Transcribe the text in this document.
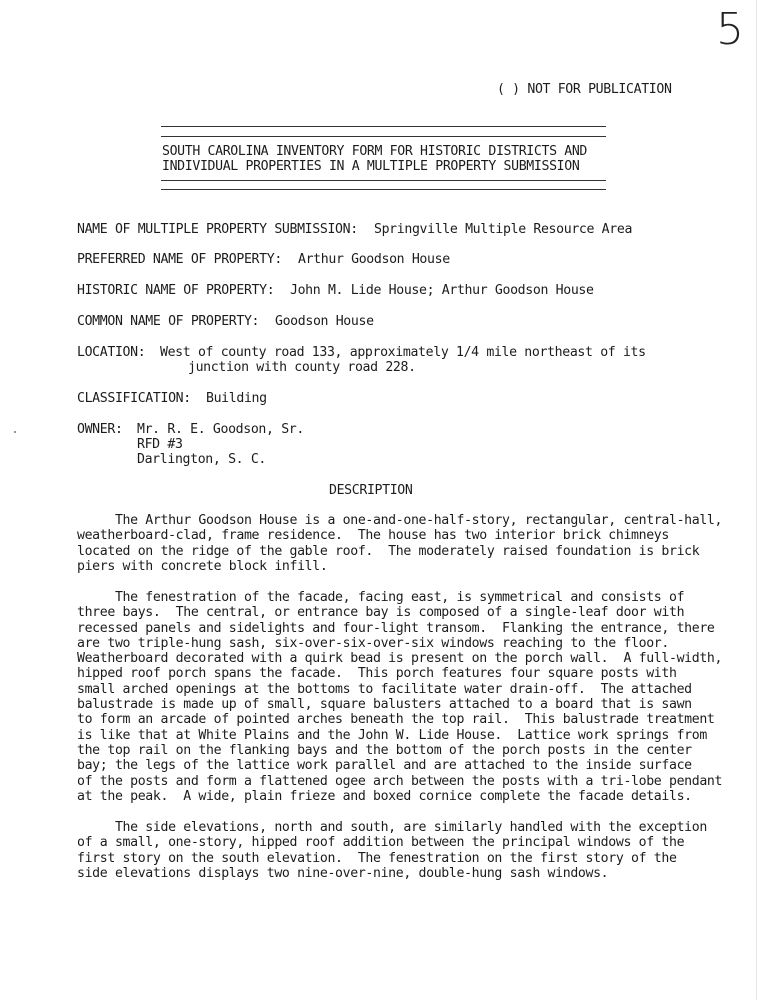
5
( ) NOT FOR PUBLICATION
SOUTH CAROLINA INVENTORY FORM FOR HISTORIC DISTRICTS AND
INDIVIDUAL PROPERTIES IN A MULTIPLE PROPERTY SUBMISSION
NAME OF MULTIPLE PROPERTY SUBMISSION: Springville Multiple Resource Area
PREFERRED NAME OF PROPERTY: Arthur Goodson House
HISTORIC NAME OF PROPERTY: John M. Lide House; Arthur Goodson House
COMMON NAME OF PROPERTY: Goodson House
LOCATION: West of county road 133, approximately 1/4 mile northeast of its
junction with county road 228.
CLASSIFICATION: Building
OWNER: Mr. R. E. Goodson, Sr.
RFD #3
Darlington, S. C.
DESCRIPTION
The Arthur Goodson House is a one-and-one-half-story, rectangular, central-hall,
weatherboard-clad, frame residence.  The house has two interior brick chimneys
located on the ridge of the gable roof.  The moderately raised foundation is brick
piers with concrete block infill.
The fenestration of the facade, facing east, is symmetrical and consists of
three bays.  The central, or entrance bay is composed of a single-leaf door with
recessed panels and sidelights and four-light transom.  Flanking the entrance, there
are two triple-hung sash, six-over-six-over-six windows reaching to the floor.
Weatherboard decorated with a quirk bead is present on the porch wall.  A full-width,
hipped roof porch spans the facade.  This porch features four square posts with
small arched openings at the bottoms to facilitate water drain-off.  The attached
balustrade is made up of small, square balusters attached to a board that is sawn
to form an arcade of pointed arches beneath the top rail.  This balustrade treatment
is like that at White Plains and the John W. Lide House.  Lattice work springs from
the top rail on the flanking bays and the bottom of the porch posts in the center
bay; the legs of the lattice work parallel and are attached to the inside surface
of the posts and form a flattened ogee arch between the posts with a tri-lobe pendant
at the peak.  A wide, plain frieze and boxed cornice complete the facade details.
The side elevations, north and south, are similarly handled with the exception
of a small, one-story, hipped roof addition between the principal windows of the
first story on the south elevation.  The fenestration on the first story of the
side elevations displays two nine-over-nine, double-hung sash windows.
